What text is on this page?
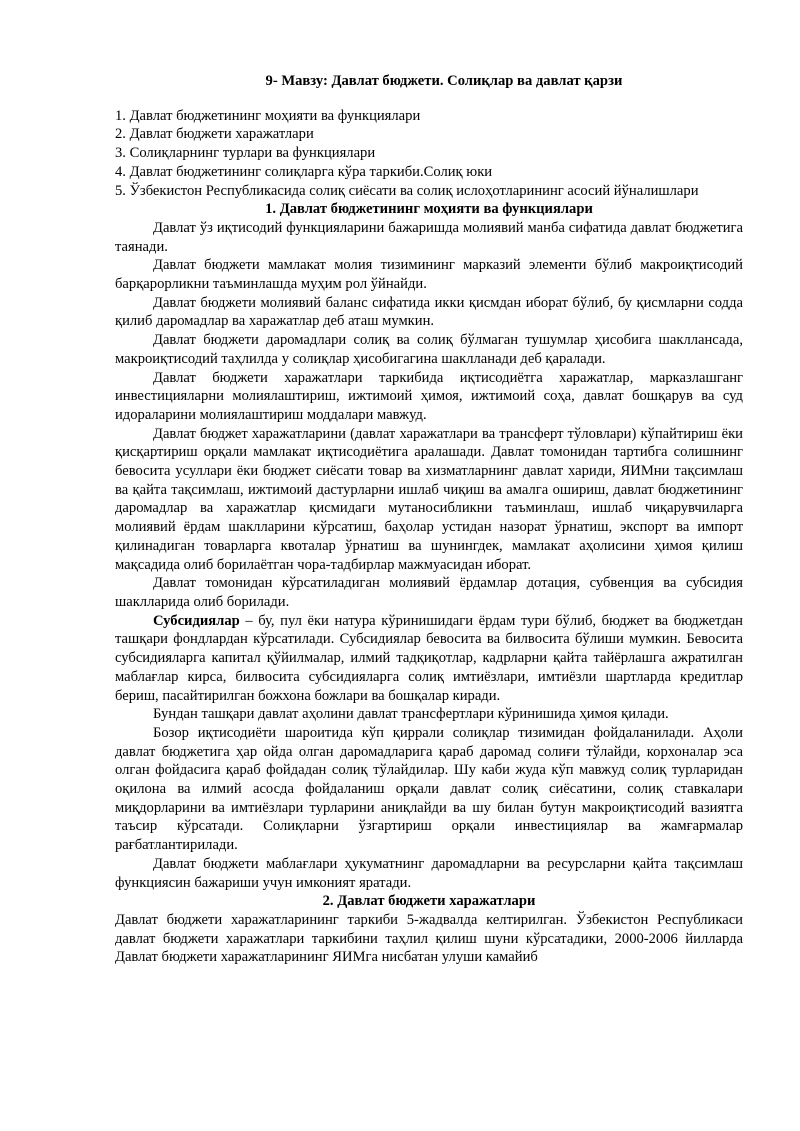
9- Мавзу: Давлат бюджети. Солиқлар ва давлат қарзи

1. Давлат бюджетининг моҳияти ва функциялари

2. Давлат бюджети харажатлари

3. Солиқларнинг турлари ва функциялари

4. Давлат бюджетининг солиқларга кўра таркиби.Солиқ юки

5. Ўзбекистон Республикасида солиқ сиёсати ва солиқ ислоҳотларининг асосий йўналишлари

1. Давлат бюджетининг моҳияти ва функциялари

Давлат ўз иқтисодий функцияларини бажаришда молиявий манба сифатида давлат бюджетига таянади.

Давлат бюджети мамлакат молия тизимининг марказий элементи бўлиб макроиқтисодий барқарорликни таъминлашда муҳим рол ўйнайди.

Давлат бюджети молиявий баланс сифатида икки қисмдан иборат бўлиб, бу қисмларни содда қилиб даромадлар ва харажатлар деб аташ мумкин.

Давлат бюджети даромадлари солиқ ва солиқ бўлмаган тушумлар ҳисобига шакллансада, макроиқтисодий таҳлилда у солиқлар ҳисобигагина шаклланади деб қаралади.

Давлат бюджети харажатлари таркибида иқтисодиётга харажатлар, марказлашганг инвестицияларни молиялаштириш, ижтимоий ҳимоя, ижтимоий соҳа, давлат бошқарув ва суд идораларини молиялаштириш моддалари мавжуд.

Давлат бюджет харажатларини (давлат харажатлари ва трансферт тўловлари) кўпайтириш ёки қисқартириш орқали мамлакат иқтисодиётига аралашади. Давлат томонидан тартибга солишнинг бевосита усуллари ёки бюджет сиёсати товар ва хизматларнинг давлат хариди, ЯИМни тақсимлаш ва қайта тақсимлаш, ижтимоий дастурларни ишлаб чиқиш ва амалга ошириш, давлат бюджетининг даромадлар ва харажатлар қисмидаги мутаносибликни таъминлаш, ишлаб чиқарувчиларга молиявий ёрдам шаклларини кўрсатиш, баҳолар устидан назорат ўрнатиш, экспорт ва импорт қилинадиган товарларга квоталар ўрнатиш ва шунингдек, мамлакат аҳолисини ҳимоя қилиш мақсадида олиб борилаётган чора-тадбирлар мажмуасидан иборат.

Давлат томонидан кўрсатиладиган молиявий ёрдамлар дотация, субвенция ва субсидия шаклларида олиб борилади.

Субсидиялар – бу, пул ёки натура кўринишидаги ёрдам тури бўлиб, бюджет ва бюджетдан ташқари фондлардан кўрсатилади. Субсидиялар бевосита ва билвосита бўлиши мумкин. Бевосита субсидияларга капитал қўйилмалар, илмий тадқиқотлар, кадрларни қайта тайёрлашга ажратилган маблағлар кирса, билвосита субсидияларга солиқ имтиёзлари, имтиёзли шартларда кредитлар бериш, пасайтирилган божхона божлари ва бошқалар киради.

Бундан ташқари давлат аҳолини давлат трансфертлари кўринишида ҳимоя қилади.

Бозор иқтисодиёти шароитида кўп қиррали солиқлар тизимидан фойдаланилади. Аҳоли давлат бюджетига ҳар ойда олган даромадларига қараб даромад солиғи тўлайди, корхоналар эса олган фойдасига қараб фойдадан солиқ тўлайдилар. Шу каби жуда кўп мавжуд солиқ турларидан оқилона ва илмий асосда фойдаланиш орқали давлат солиқ сиёсатини, солиқ ставкалари миқдорларини ва имтиёзлари турларини аниқлайди ва шу билан бутун макроиқтисодий вазиятга таъсир кўрсатади. Солиқларни ўзгартириш орқали инвестициялар ва жамғармалар рағбатлантирилади.

Давлат бюджети маблағлари ҳукуматнинг даромадларни ва ресурсларни қайта тақсимлаш функциясин бажариши учун имконият яратади.

2. Давлат бюджети харажатлари

Давлат бюджети харажатларининг таркиби 5-жадвалда келтирилган. Ўзбекистон Республикаси давлат бюджети харажатлари таркибини таҳлил қилиш шуни кўрсатадики, 2000-2006 йилларда Давлат бюджети харажатларининг ЯИМга нисбатан улуши камайиб
